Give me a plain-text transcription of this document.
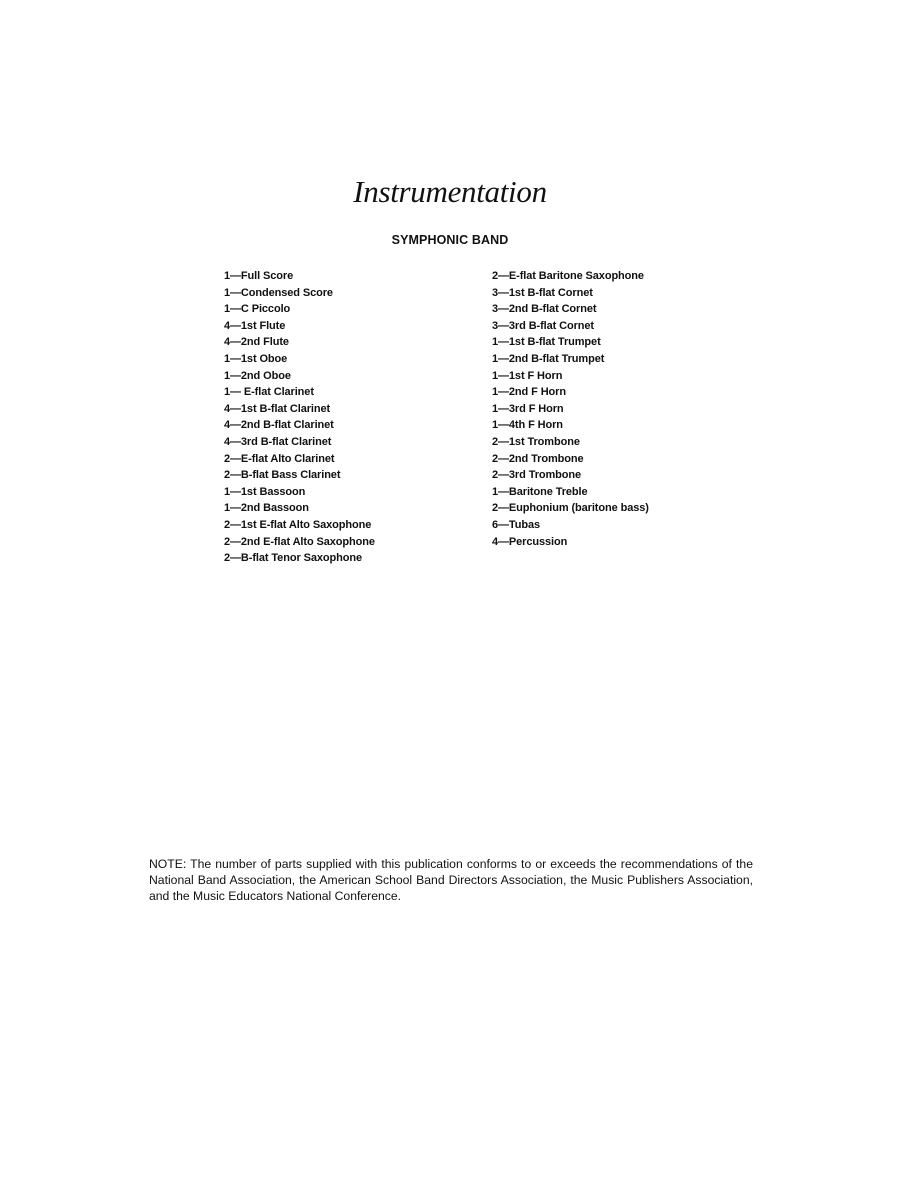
Instrumentation
SYMPHONIC BAND
1—Full Score
1—Condensed Score
1—C Piccolo
4—1st Flute
4—2nd Flute
1—1st Oboe
1—2nd Oboe
1— E-flat Clarinet
4—1st B-flat Clarinet
4—2nd B-flat Clarinet
4—3rd B-flat Clarinet
2—E-flat Alto Clarinet
2—B-flat Bass Clarinet
1—1st Bassoon
1—2nd Bassoon
2—1st E-flat Alto Saxophone
2—2nd E-flat Alto Saxophone
2—B-flat Tenor Saxophone
2—E-flat Baritone Saxophone
3—1st B-flat Cornet
3—2nd B-flat Cornet
3—3rd B-flat Cornet
1—1st B-flat Trumpet
1—2nd B-flat Trumpet
1—1st F Horn
1—2nd F Horn
1—3rd F Horn
1—4th F Horn
2—1st Trombone
2—2nd Trombone
2—3rd Trombone
1—Baritone Treble
2—Euphonium (baritone bass)
6—Tubas
4—Percussion

NOTE: The number of parts supplied with this publication conforms to or exceeds the recommendations of the National Band Association, the American School Band Directors Association, the Music Publishers Association, and the Music Educators National Conference.
